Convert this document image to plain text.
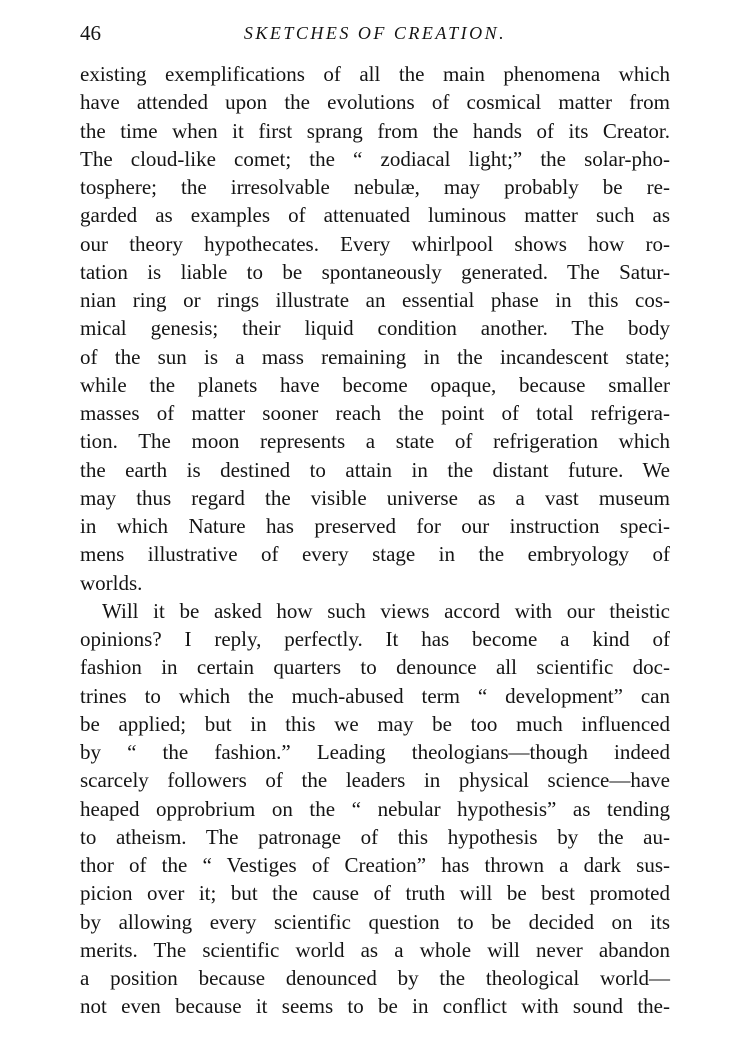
46	SKETCHES OF CREATION.
existing exemplifications of all the main phenomena which
have attended upon the evolutions of cosmical matter from
the time when it first sprang from the hands of its Creator.
The cloud-like comet; the “ zodiacal light;” the solar-pho-
tosphere; the irresolvable nebulæ, may probably be re-
garded as examples of attenuated luminous matter such as
our theory hypothecates. Every whirlpool shows how ro-
tation is liable to be spontaneously generated. The Satur-
nian ring or rings illustrate an essential phase in this cos-
mical genesis; their liquid condition another. The body
of the sun is a mass remaining in the incandescent state;
while the planets have become opaque, because smaller
masses of matter sooner reach the point of total refrigera-
tion. The moon represents a state of refrigeration which
the earth is destined to attain in the distant future. We
may thus regard the visible universe as a vast museum
in which Nature has preserved for our instruction speci-
mens illustrative of every stage in the embryology of
worlds.
Will it be asked how such views accord with our theistic
opinions? I reply, perfectly. It has become a kind of
fashion in certain quarters to denounce all scientific doc-
trines to which the much-abused term “ development” can
be applied; but in this we may be too much influenced
by “ the fashion.” Leading theologians—though indeed
scarcely followers of the leaders in physical science—have
heaped opprobrium on the “ nebular hypothesis” as tending
to atheism. The patronage of this hypothesis by the au-
thor of the “ Vestiges of Creation” has thrown a dark sus-
picion over it; but the cause of truth will be best promoted
by allowing every scientific question to be decided on its
merits. The scientific world as a whole will never abandon
a position because denounced by the theological world—
not even because it seems to be in conflict with sound the-
